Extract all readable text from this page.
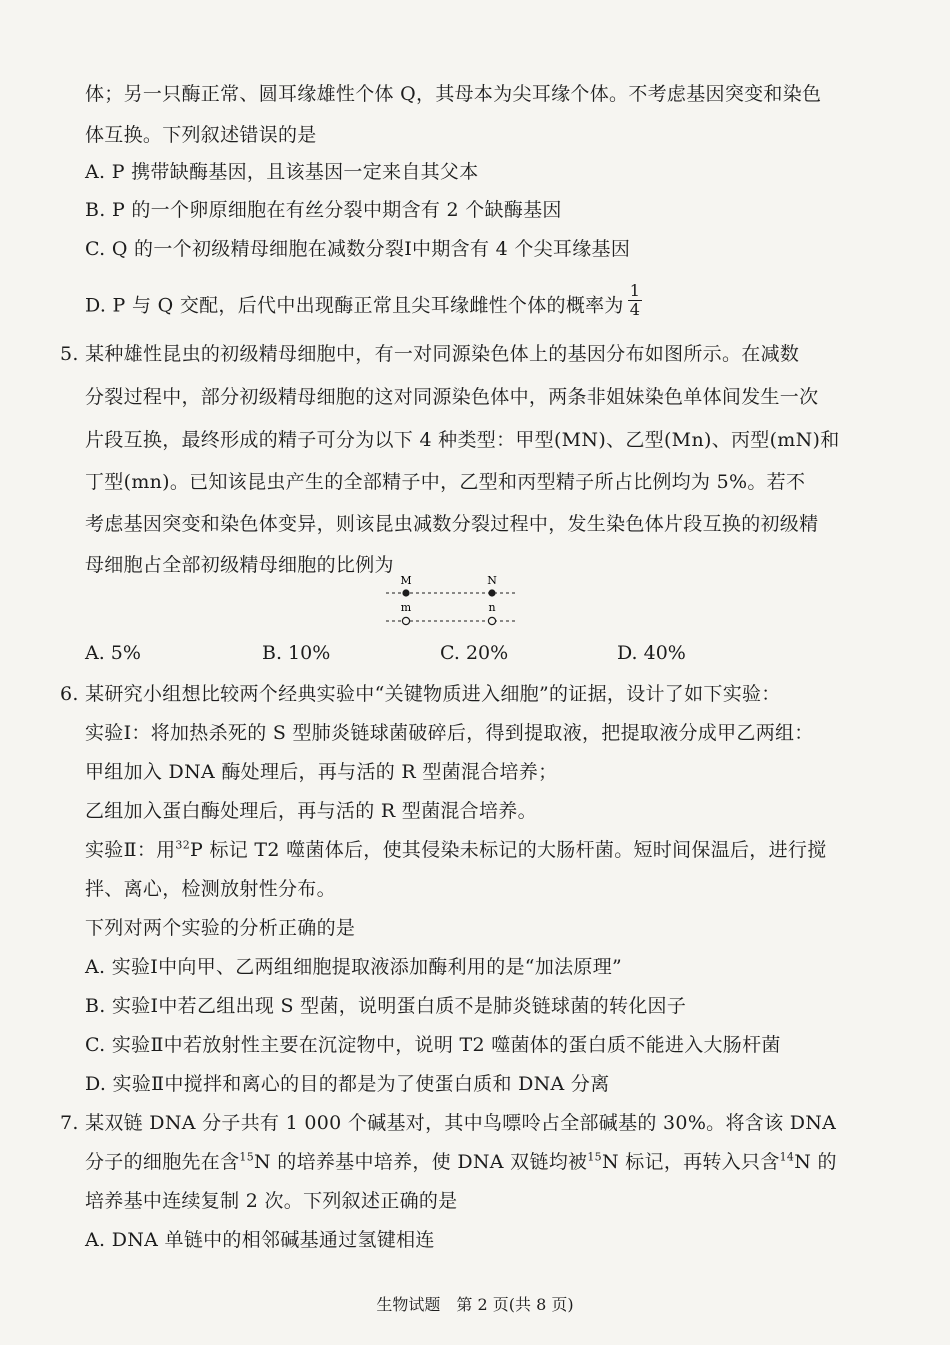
体；另一只酶正常、圆耳缘雄性个体 Q，其母本为尖耳缘个体。不考虑基因突变和染色
体互换。下列叙述错误的是
A. P 携带缺酶基因，且该基因一定来自其父本
B. P 的一个卵原细胞在有丝分裂中期含有 2 个缺酶基因
C. Q 的一个初级精母细胞在减数分裂Ⅰ中期含有 4 个尖耳缘基因
D. P 与 Q 交配，后代中出现酶正常且尖耳缘雌性个体的概率为 $\frac{1}{4}$
5. 某种雄性昆虫的初级精母细胞中，有一对同源染色体上的基因分布如图所示。在减数
分裂过程中，部分初级精母细胞的这对同源染色体中，两条非姐妹染色单体间发生一次
片段互换，最终形成的精子可分为以下 4 种类型：甲型(MN)、乙型(Mn)、丙型(mN)和
丁型(mn)。已知该昆虫产生的全部精子中，乙型和丙型精子所占比例均为 5%。若不
考虑基因突变和染色体变异，则该昆虫减数分裂过程中，发生染色体片段互换的初级精
母细胞占全部初级精母细胞的比例为
M	N
m	n
A. 5%	B. 10%	C. 20%	D. 40%
6. 某研究小组想比较两个经典实验中“关键物质进入细胞”的证据，设计了如下实验：
实验Ⅰ：将加热杀死的 S 型肺炎链球菌破碎后，得到提取液，把提取液分成甲乙两组：
甲组加入 DNA 酶处理后，再与活的 R 型菌混合培养；
乙组加入蛋白酶处理后，再与活的 R 型菌混合培养。
实验Ⅱ：用$^{32}$P 标记 T2 噬菌体后，使其侵染未标记的大肠杆菌。短时间保温后，进行搅
拌、离心，检测放射性分布。
下列对两个实验的分析正确的是
A. 实验Ⅰ中向甲、乙两组细胞提取液添加酶利用的是“加法原理”
B. 实验Ⅰ中若乙组出现 S 型菌，说明蛋白质不是肺炎链球菌的转化因子
C. 实验Ⅱ中若放射性主要在沉淀物中，说明 T2 噬菌体的蛋白质不能进入大肠杆菌
D. 实验Ⅱ中搅拌和离心的目的都是为了使蛋白质和 DNA 分离
7. 某双链 DNA 分子共有 1 000 个碱基对，其中鸟嘌呤占全部碱基的 30%。将含该 DNA
分子的细胞先在含$^{15}$N 的培养基中培养，使 DNA 双链均被$^{15}$N 标记，再转入只含$^{14}$N 的
培养基中连续复制 2 次。下列叙述正确的是
A. DNA 单链中的相邻碱基通过氢键相连
生物试题　第 2 页(共 8 页)
